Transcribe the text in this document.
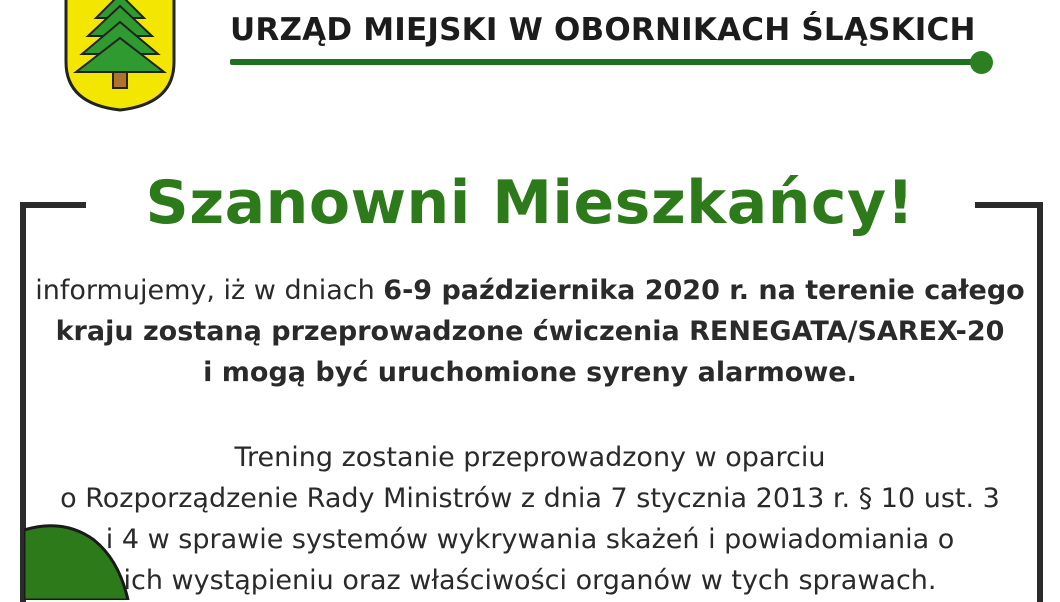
URZĄD MIEJSKI W OBORNIKACH ŚLĄSKICH
Szanowni Mieszkańcy!
informujemy, iż w dniach 6-9 października 2020 r. na terenie całego
kraju zostaną przeprowadzone ćwiczenia RENEGATA/SAREX-20
i mogą być uruchomione syreny alarmowe.
Trening zostanie przeprowadzony w oparciu
o Rozporządzenie Rady Ministrów z dnia 7 stycznia 2013 r. § 10 ust. 3
i 4 w sprawie systemów wykrywania skażeń i powiadomiania o
ich wystąpieniu oraz właściwości organów w tych sprawach.
